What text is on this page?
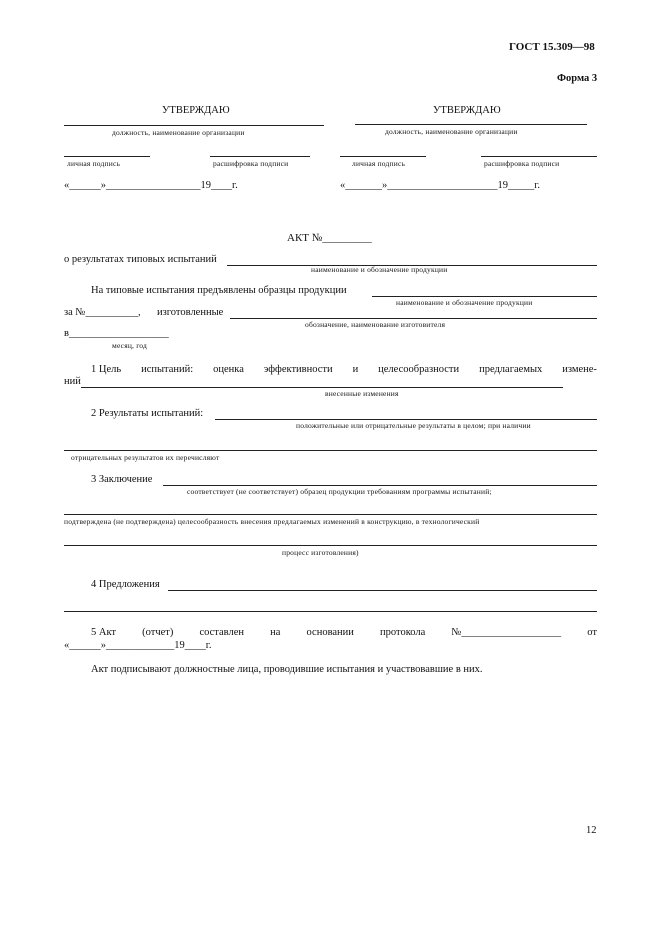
ГОСТ 15.309—98
Форма 3
УТВЕРЖДАЮ
должность, наименование организации
личная подпись	расшифровка подписи
«______»__________________19____г.
УТВЕРЖДАЮ
должность, наименование организации
личная подпись	расшифровка подписи
«_______»_____________________19_____г.
АКТ №_________
о результатах типовых испытаний
наименование и обозначение продукции
На типовые испытания предъявлены образцы продукции
наименование и обозначение продукции
за №__________, изготовленные
обозначение, наименование изготовителя
в___________________
месяц, год
1 Цель испытаний: оценка эффективности и целесообразности предлагаемых измене-
ний
внесенные изменения
2 Результаты испытаний:
положительные или отрицательные результаты в целом; при наличии
отрицательных результатов их перечисляют
3 Заключение
соответствует (не соответствует) образец продукции требованиям программы испытаний;
подтверждена (не подтверждена) целесообразность внесения предлагаемых изменений в конструкцию, в технологический
процесс изготовления)
4 Предложения
5 Акт (отчет) составлен на основании протокола №___________________ от
«______»_____________19____г.
Акт подписывают должностные лица, проводившие испытания и участвовавшие в них.
12
